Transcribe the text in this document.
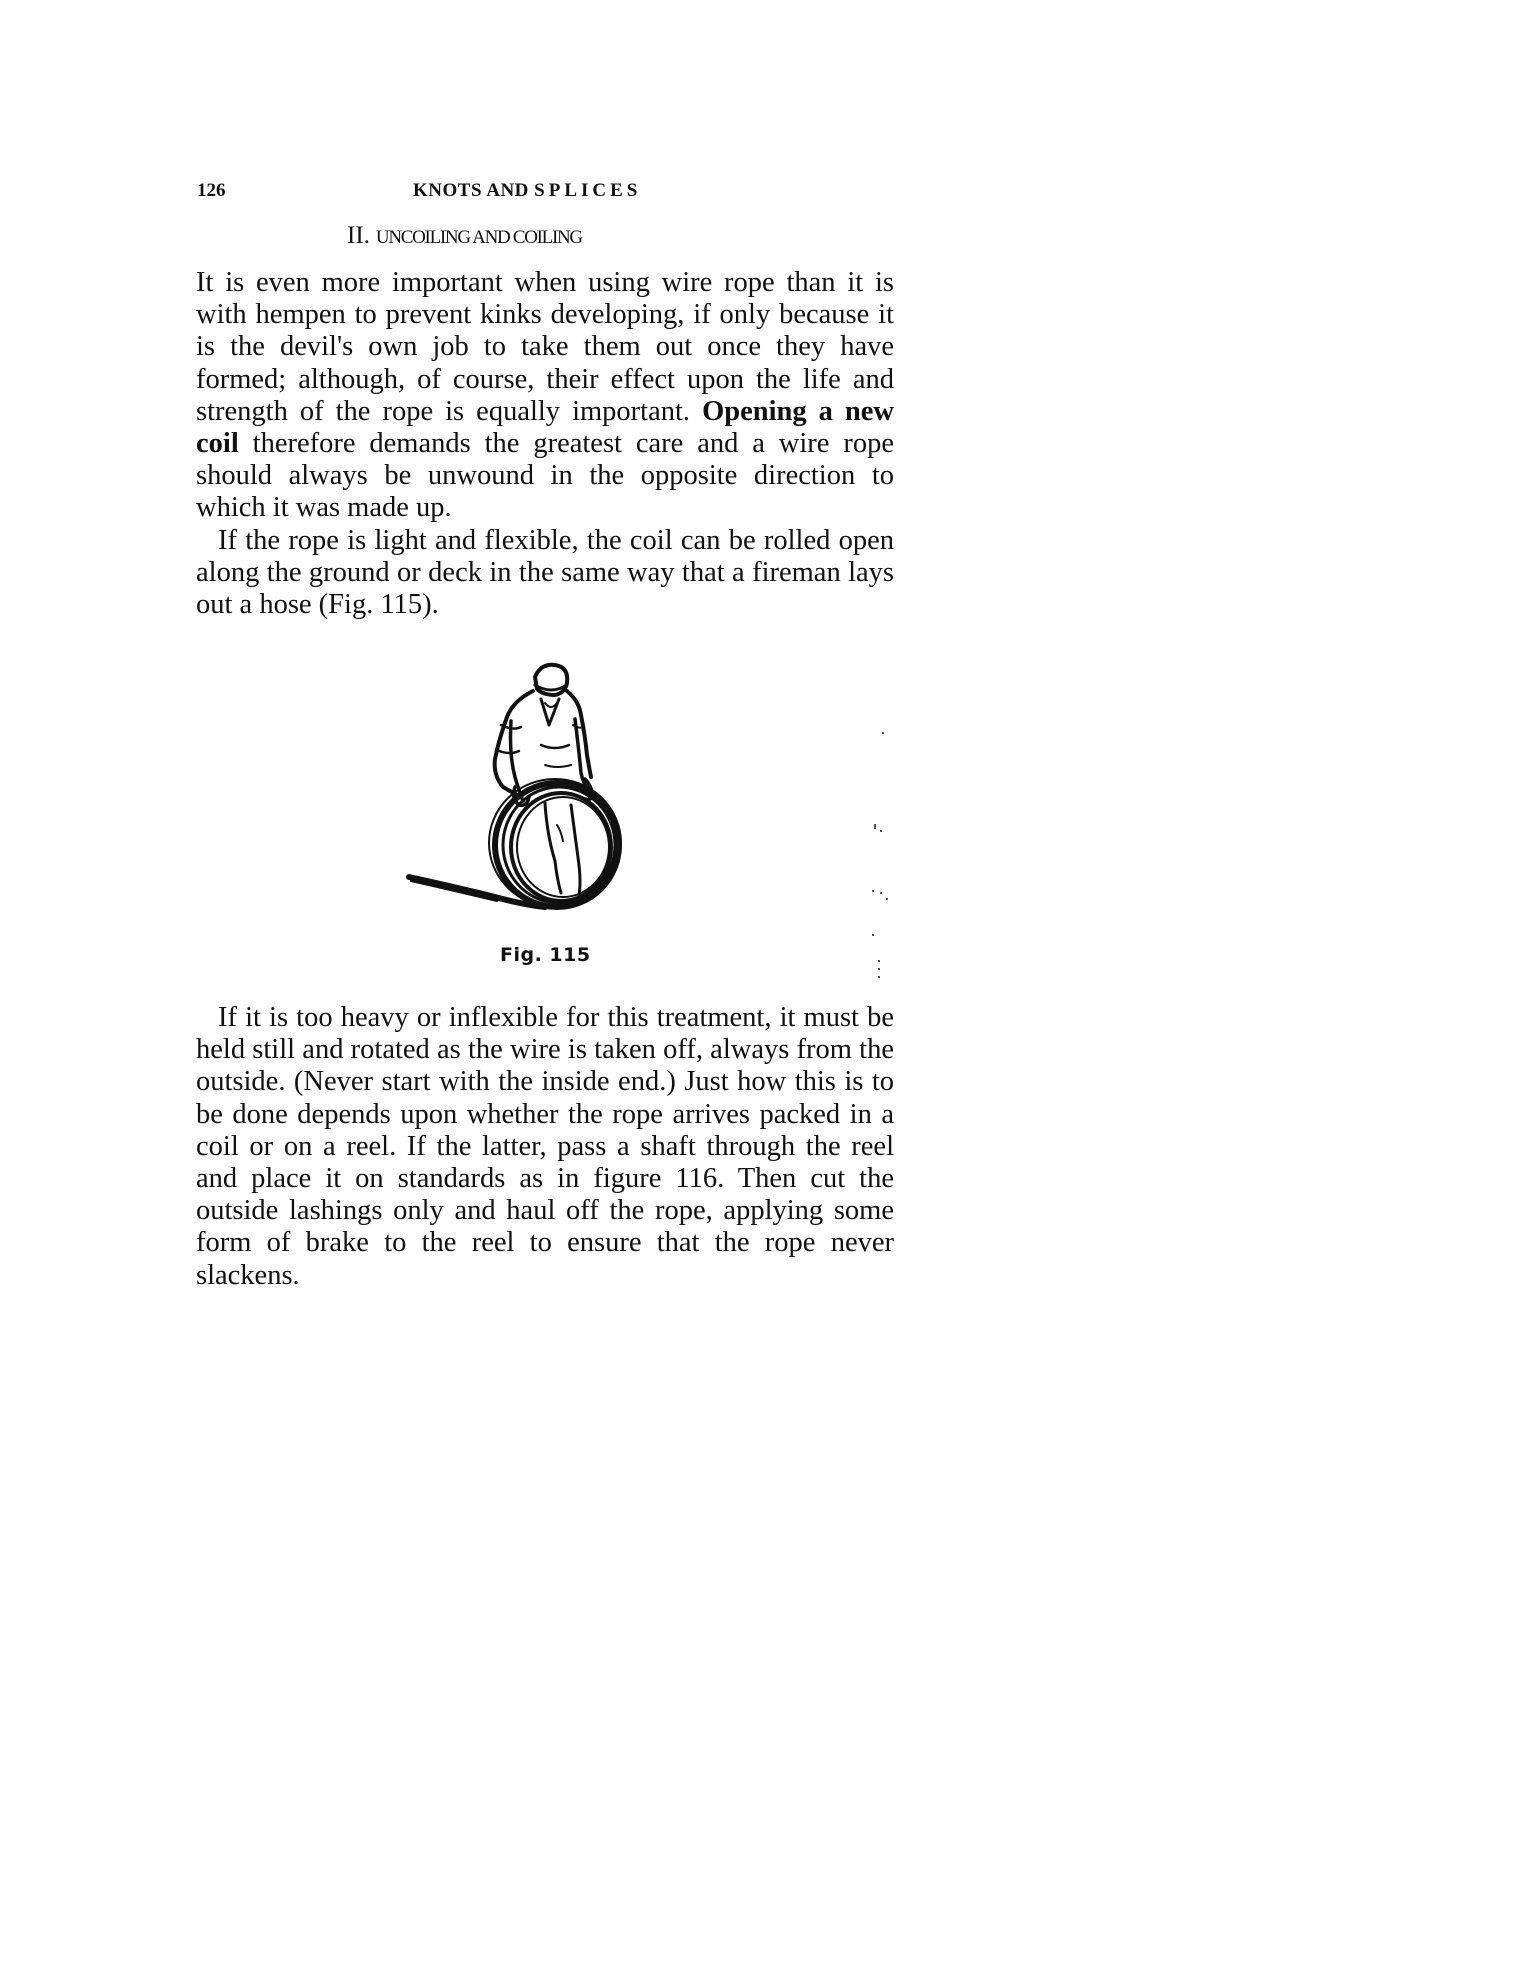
126	KNOTS AND SPLICES
II. UNCOILING AND COILING

It is even more important when using wire rope than it is with hempen to prevent kinks developing, if only because it is the devil's own job to take them out once they have formed; although, of course, their effect upon the life and strength of the rope is equally important. Opening a new coil therefore demands the greatest care and a wire rope should always be unwound in the opposite direction to which it was made up.

If the rope is light and flexible, the coil can be rolled open along the ground or deck in the same way that a fireman lays out a hose (Fig. 115).

Fig. 115

If it is too heavy or inflexible for this treatment, it must be held still and rotated as the wire is taken off, always from the outside. (Never start with the inside end.) Just how this is to be done depends upon whether the rope arrives packed in a coil or on a reel. If the latter, pass a shaft through the reel and place it on standards as in figure 116. Then cut the outside lashings only and haul off the rope, applying some form of brake to the reel to ensure that the rope never slackens.
